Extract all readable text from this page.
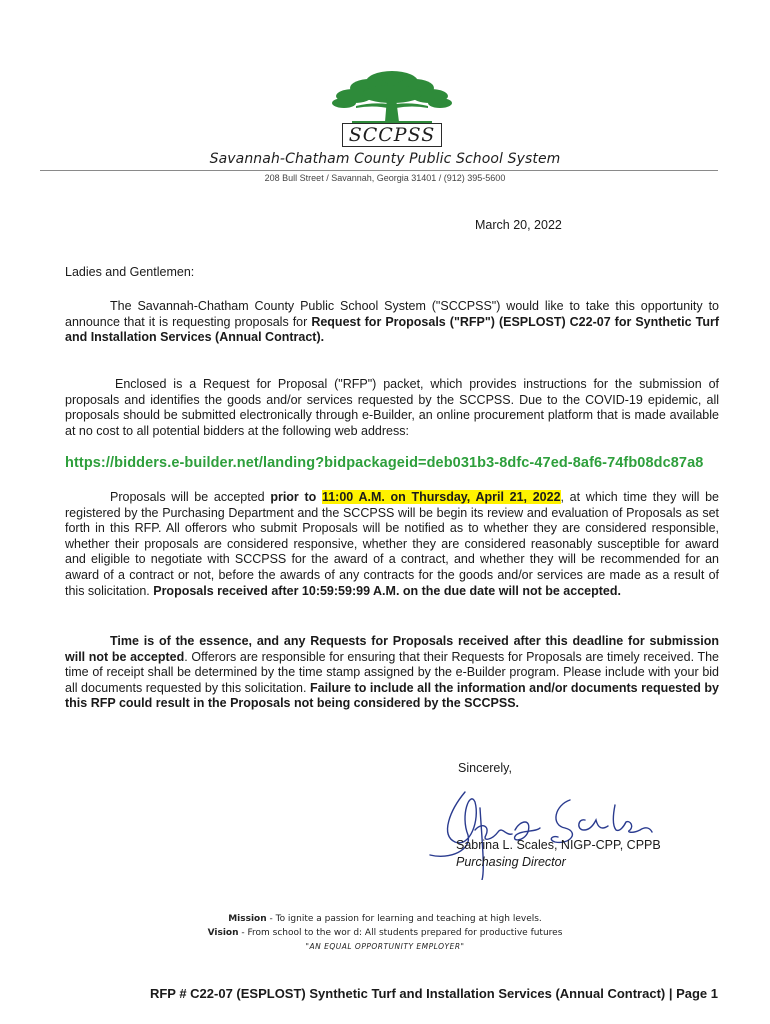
SCCPSS
Savannah-Chatham County Public School System
208 Bull Street / Savannah, Georgia 31401 / (912) 395-5600
March 20, 2022
Ladies and Gentlemen:

The Savannah-Chatham County Public School System ("SCCPSS") would like to take this opportunity to announce that it is requesting proposals for Request for Proposals ("RFP") (ESPLOST) C22-07 for Synthetic Turf and Installation Services (Annual Contract).

Enclosed is a Request for Proposal ("RFP") packet, which provides instructions for the submission of proposals and identifies the goods and/or services requested by the SCCPSS. Due to the COVID-19 epidemic, all proposals should be submitted electronically through e-Builder, an online procurement platform that is made available at no cost to all potential bidders at the following web address:

https://bidders.e-builder.net/landing?bidpackageid=deb031b3-8dfc-47ed-8af6-74fb08dc87a8

Proposals will be accepted prior to 11:00 A.M. on Thursday, April 21, 2022, at which time they will be registered by the Purchasing Department and the SCCPSS will be begin its review and evaluation of Proposals as set forth in this RFP. All offerors who submit Proposals will be notified as to whether they are considered responsible, whether their proposals are considered responsive, whether they are considered reasonably susceptible for award and eligible to negotiate with SCCPSS for the award of a contract, and whether they will be recommended for an award of a contract or not, before the awards of any contracts for the goods and/or services are made as a result of this solicitation. Proposals received after 10:59:59:99 A.M. on the due date will not be accepted.

Time is of the essence, and any Requests for Proposals received after this deadline for submission will not be accepted. Offerors are responsible for ensuring that their Requests for Proposals are timely received. The time of receipt shall be determined by the time stamp assigned by the e-Builder program. Please include with your bid all documents requested by this solicitation. Failure to include all the information and/or documents requested by this RFP could result in the Proposals not being considered by the SCCPSS.

Sincerely,
Sabrina L. Scales, NIGP-CPP, CPPB
Purchasing Director
Mission - To ignite a passion for learning and teaching at high levels.
Vision - From school to the wor d: All students prepared for productive futures
"AN EQUAL OPPORTUNITY EMPLOYER"
RFP # C22-07 (ESPLOST) Synthetic Turf and Installation Services (Annual Contract) | Page 1
